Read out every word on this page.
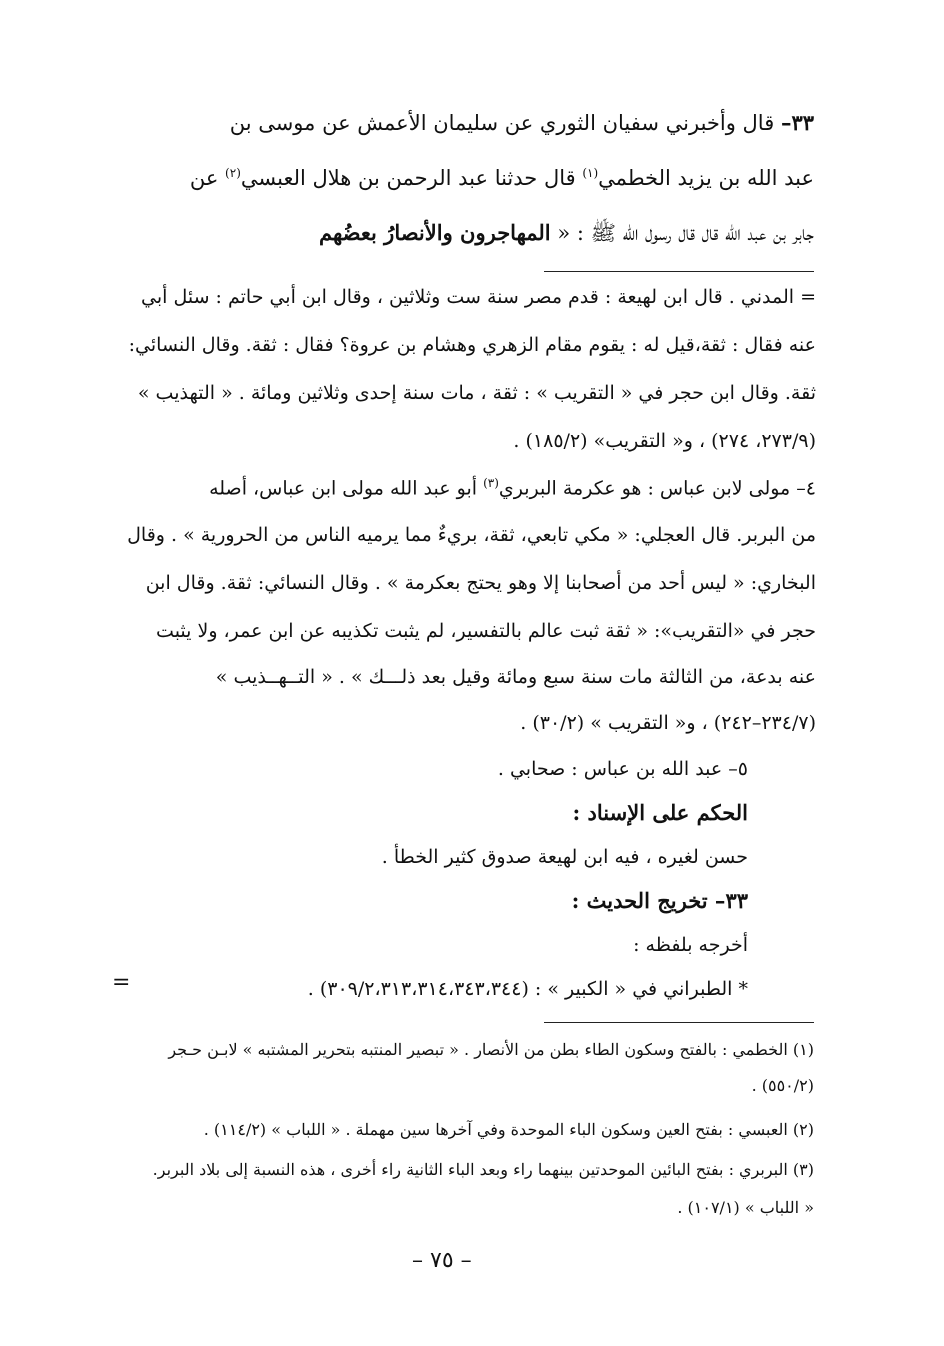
٣٣– قال وأخبرني سفيان الثوري عن سليمان الأعمش عن موسى بن
عبد الله بن يزيد الخطمي$^{(١)}$ قال حدثنا عبد الرحمن بن هلال العبسي$^{(٢)}$ عن
جابر بن عبد الله قال قال رسول الله ﷺ : « المهاجرون والأنصارُ بعضُهم
= المدني . قال ابن لهيعة : قدم مصر سنة ست وثلاثين ، وقال ابن أبي حاتم : سئل أبي
عنه فقال : ثقة،قيل له : يقوم مقام الزهري وهشام بن عروة؟ فقال : ثقة. وقال النسائي:
ثقة. وقال ابن حجر في « التقريب » : ثقة ، مات سنة إحدى وثلاثين ومائة . « التهذيب »
(٢٧٣/٩، ٢٧٤) ، و« التقريب» (١٨٥/٢) .
٤– مولى لابن عباس : هو عكرمة البربري$^{(٣)}$ أبو عبد الله مولى ابن عباس، أصله
من البربر. قال العجلي: « مكي تابعي، ثقة، بريءٌ مما يرميه الناس من الحرورية » . وقال
البخاري: « ليس أحد من أصحابنا إلا وهو يحتج بعكرمة » . وقال النسائي: ثقة. وقال ابن
حجر في «التقريب»: « ثقة ثبت عالم بالتفسير، لم يثبت تكذيبه عن ابن عمر، ولا يثبت
عنه بدعة، من الثالثة مات سنة سبع ومائة وقيل بعد ذلـــك » . « التــهــذيب »
(٢٣٤/٧–٢٤٢) ، و« التقريب » (٣٠/٢) .
٥– عبد الله بن عباس : صحابي .
الحكم على الإسناد :
حسن لغيره ، فيه ابن لهيعة صدوق كثير الخطأ .
٣٣– تخريج الحديث :
أخرجه بلفظه :
* الطبراني في « الكبير » : (٣٠٩/٢،٣١٣،٣١٤،٣٤٣،٣٤٤) .
=
(١) الخطمي : بالفتح وسكون الطاء بطن من الأنصار . « تبصير المنتبه بتحرير المشتبه » لابـن حـجر
(٥٥٠/٢) .
(٢) العبسي : بفتح العين وسكون الباء الموحدة وفي آخرها سين مهملة . « اللباب » (١١٤/٢) .
(٣) البربري : بفتح البائين الموحدتين بينهما راء وبعد الباء الثانية راء أخرى ، هذه النسبة إلى بلاد البربر.
« اللباب » (١٠٧/١) .
– ٧٥ –
